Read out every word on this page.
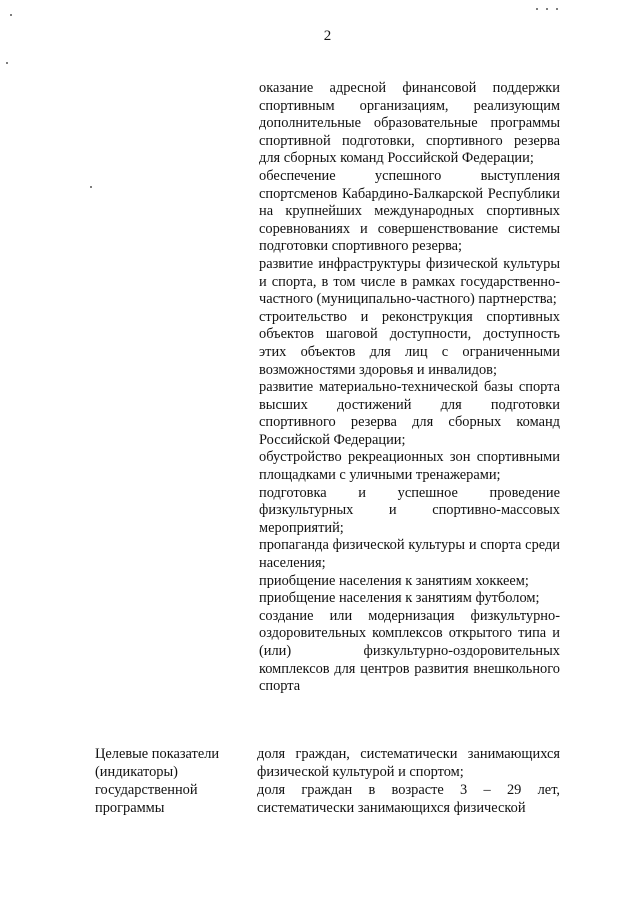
2

оказание адресной финансовой поддержки спортивным организациям, реализующим дополнительные образовательные программы спортивной подготовки, спортивного резерва для сборных команд Российской Федерации;

обеспечение успешного выступления спортсменов Кабардино-Балкарской Республики на крупнейших международных спортивных соревнованиях и совершенствование системы подготовки спортивного резерва;

развитие инфраструктуры физической культуры и спорта, в том числе в рамках государственно-частного (муниципально-частного) партнерства;

строительство и реконструкция спортивных объектов шаговой доступности, доступность этих объектов для лиц с ограниченными возможностями здоровья и инвалидов;

развитие материально-технической базы спорта высших достижений для подготовки спортивного резерва для сборных команд Российской Федерации;

обустройство рекреационных зон спортивными площадками с уличными тренажерами;

подготовка и успешное проведение физкультурных и спортивно-массовых мероприятий;

пропаганда физической культуры и спорта среди населения;

приобщение населения к занятиям хоккеем;

приобщение населения к занятиям футболом;

создание или модернизация физкультурно-оздоровительных комплексов открытого типа и (или) физкультурно-оздоровительных комплексов для центров развития внешкольного спорта

Целевые показатели
(индикаторы)
государственной
программы

доля граждан, систематически занимающихся физической культурой и спортом;

доля граждан в возрасте 3 – 29 лет, систематически занимающихся физической
